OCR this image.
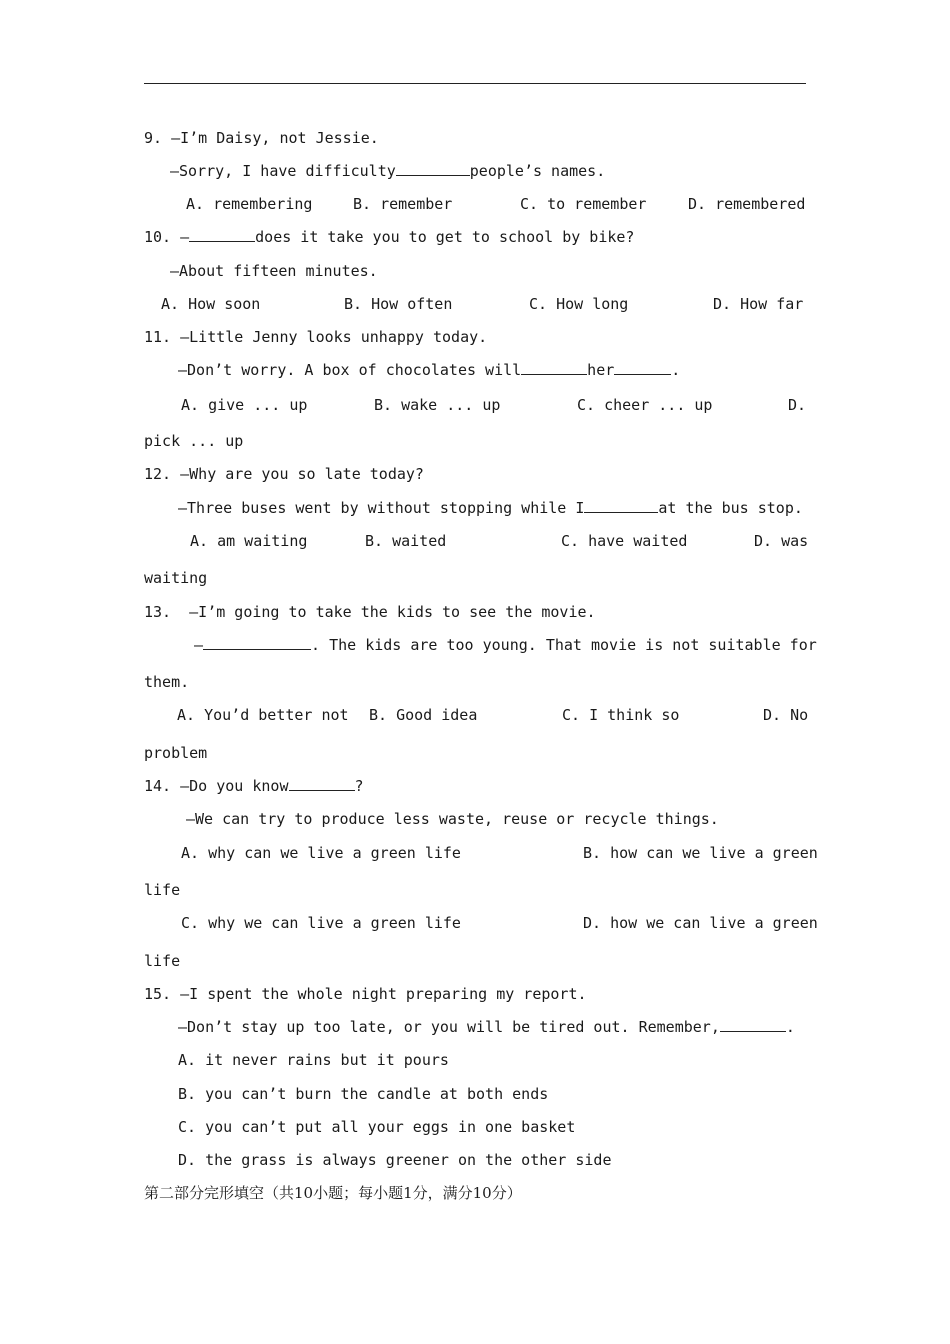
9. —I’m Daisy, not Jessie.
—Sorry, I have difficulty	people’s names.
A. remembering	B. remember	C. to remember	D. remembered
10. —	does it take you to get to school by bike?
—About fifteen minutes.
A. How soon	B. How often	C. How long	D. How far
11. —Little Jenny looks unhappy today.
—Don’t worry. A box of chocolates will	her	.
A. give ... up	B. wake ... up	C. cheer ... up	D.
pick ... up
12. —Why are you so late today?
—Three buses went by without stopping while I	at the bus stop.
A. am waiting	B. waited	C. have waited	D. was
waiting
13. —I’m going to take the kids to see the movie.
—	. The kids are too young. That movie is not suitable for
them.
A. You’d better not B. Good idea	C. I think so	D. No
problem
14. —Do you know	?
—We can try to produce less waste, reuse or recycle things.
A. why can we live a green life	B. how can we live a green
life
C. why we can live a green life	D. how we can live a green
life
15. —I spent the whole night preparing my report.
—Don’t stay up too late, or you will be tired out. Remember,	.
A. it never rains but it pours
B. you can’t burn the candle at both ends
C. you can’t put all your eggs in one basket
D. the grass is always greener on the other side
第二部分完形填空（共10小题；每小题1分，满分10分）
